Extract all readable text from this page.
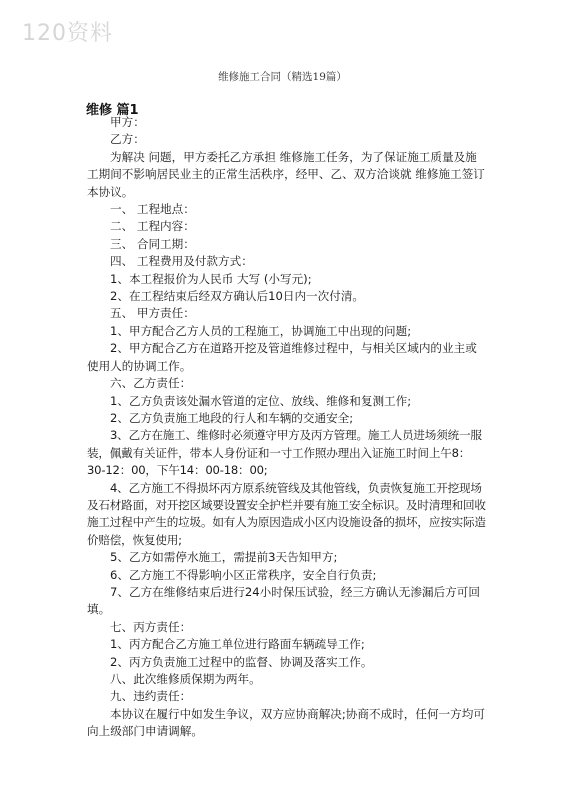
120资料
维修施工合同（精选19篇）
维修 篇1

甲方：

乙方：

为解决 问题，甲方委托乙方承担 维修施工任务，为了保证施工质量及施工期间不影响居民业主的正常生活秩序，经甲、乙、双方洽谈就 维修施工签订本协议。

一、 工程地点：

二、 工程内容：

三、 合同工期：

四、 工程费用及付款方式：

1、本工程报价为人民币 大写 (小写元);

2、在工程结束后经双方确认后10日内一次付清。

五、 甲方责任：

1、甲方配合乙方人员的工程施工，协调施工中出现的问题;

2、甲方配合乙方在道路开挖及管道维修过程中，与相关区域内的业主或使用人的协调工作。

六、乙方责任：

1、乙方负责该处漏水管道的定位、放线、维修和复测工作;

2、乙方负责施工地段的行人和车辆的交通安全;

3、乙方在施工、维修时必须遵守甲方及丙方管理。施工人员进场须统一服装，佩戴有关证件，带本人身份证和一寸工作照办理出入证施工时间上午8：30-12：00，下午14：00-18：00;

4、乙方施工不得损坏丙方原系统管线及其他管线，负责恢复施工开挖现场及石材路面，对开挖区域要设置安全护栏并要有施工安全标识。及时清理和回收施工过程中产生的垃圾。如有人为原因造成小区内设施设备的损坏，应按实际造价赔偿，恢复使用;

5、乙方如需停水施工，需提前3天告知甲方;

6、乙方施工不得影响小区正常秩序，安全自行负责;

7、乙方在维修结束后进行24小时保压试验，经三方确认无渗漏后方可回填。

七、丙方责任：

1、丙方配合乙方施工单位进行路面车辆疏导工作;

2、丙方负责施工过程中的监督、协调及落实工作。

八、此次维修质保期为两年。

九、违约责任：

本协议在履行中如发生争议，双方应协商解决;协商不成时，任何一方均可向上级部门申请调解。
